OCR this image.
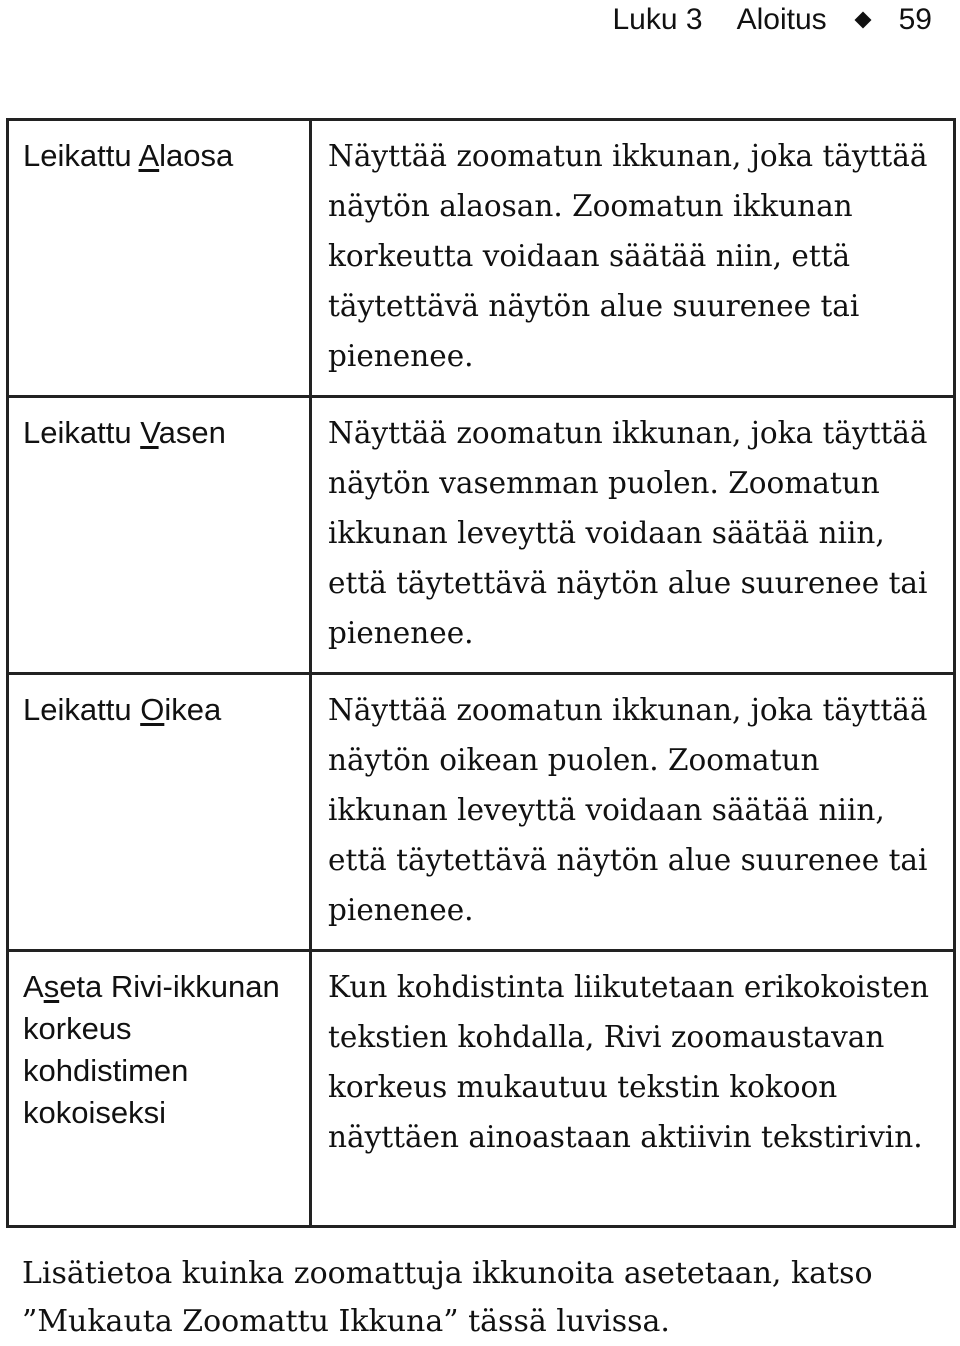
Luku 3 Aloitus 59
Leikattu Alaosa	Näyttää zoomatun ikkunan, joka täyttää näytön alaosan. Zoomatun ikkunan korkeutta voidaan säätää niin, että täytettävä näytön alue suurenee tai pienenee.
Leikattu Vasen	Näyttää zoomatun ikkunan, joka täyttää näytön vasemman puolen. Zoomatun ikkunan leveyttä voidaan säätää niin, että täytettävä näytön alue suurenee tai pienenee.
Leikattu Oikea	Näyttää zoomatun ikkunan, joka täyttää näytön oikean puolen. Zoomatun ikkunan leveyttä voidaan säätää niin, että täytettävä näytön alue suurenee tai pienenee.
Aseta Rivi-ikkunan korkeus kohdistimen kokoiseksi	Kun kohdistinta liikutetaan erikokoisten tekstien kohdalla, Rivi zoomaustavan korkeus mukautuu tekstin kokoon näyttäen ainoastaan aktiivin tekstirivin.
Lisätietoa kuinka zoomattuja ikkunoita asetetaan, katso ”Mukauta Zoomattu Ikkuna” tässä luvissa.
